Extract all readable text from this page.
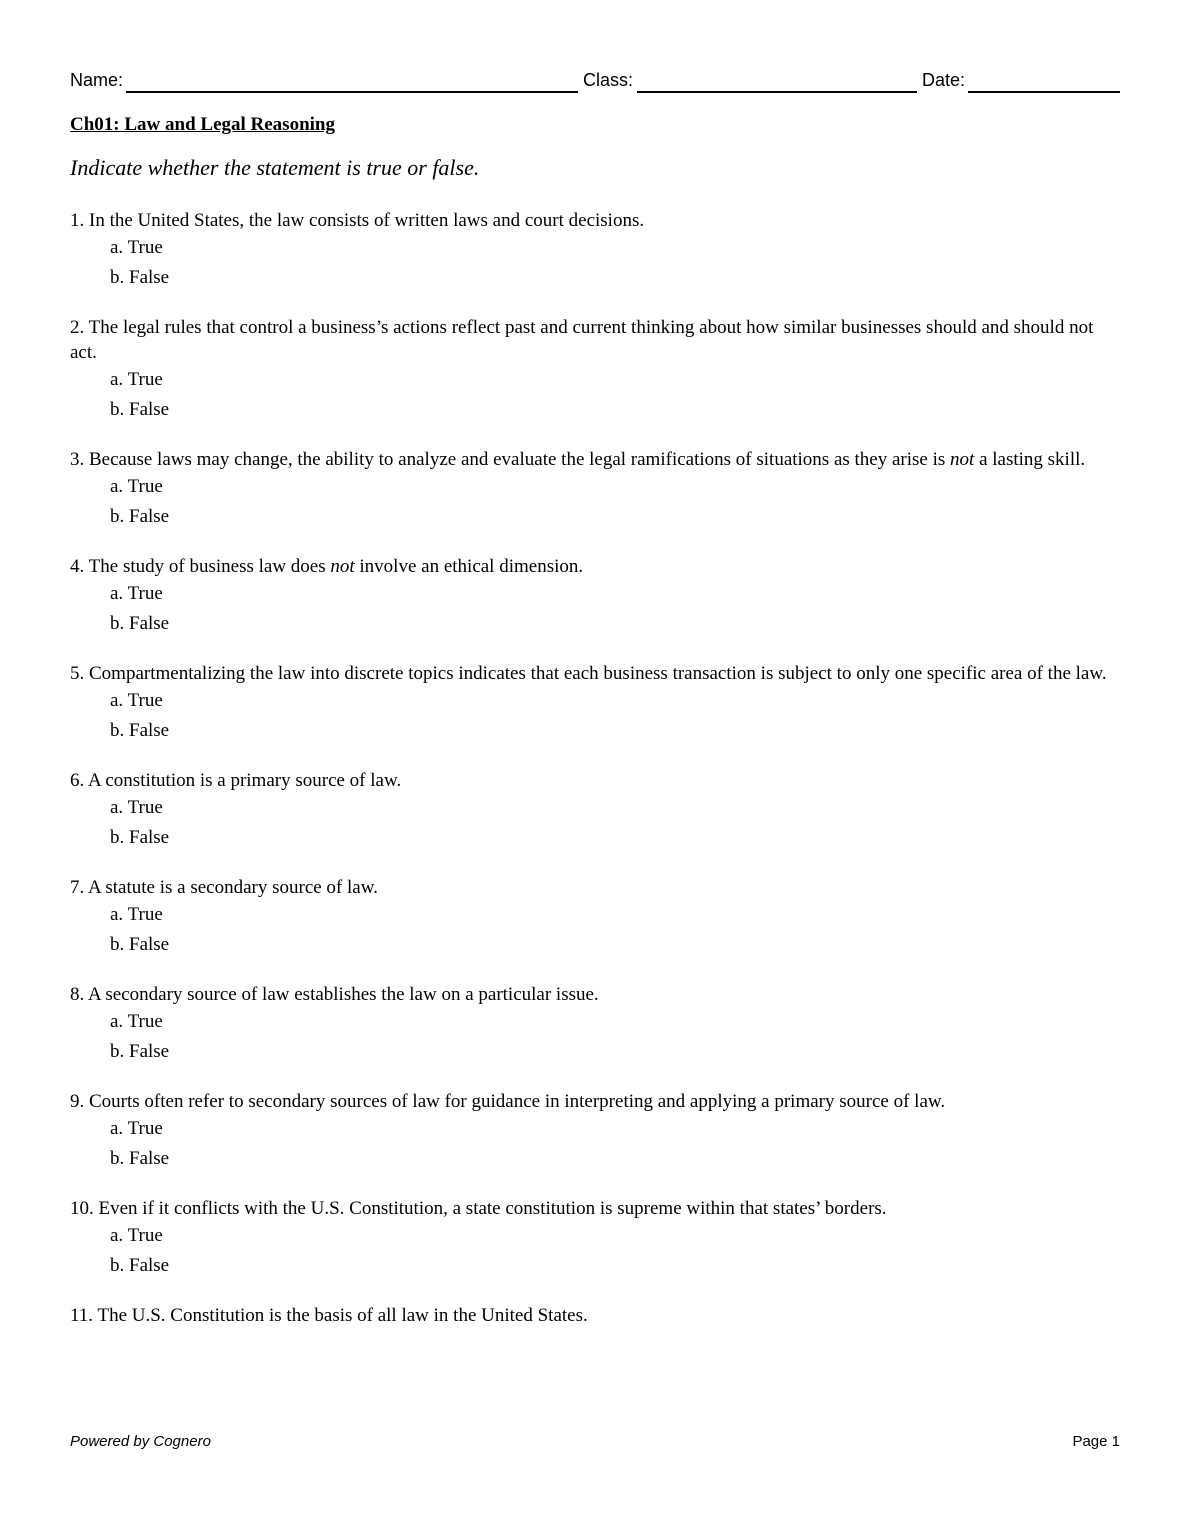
Name:	Class:	Date:
Ch01: Law and Legal Reasoning
Indicate whether the statement is true or false.

1. In the United States, the law consists of written laws and court decisions.

a. True
b. False

2. The legal rules that control a business’s actions reflect past and current thinking about how similar businesses should and should not act.

a. True
b. False

3. Because laws may change, the ability to analyze and evaluate the legal ramifications of situations as they arise is not a lasting skill.

a. True
b. False

4. The study of business law does not involve an ethical dimension.

a. True
b. False

5. Compartmentalizing the law into discrete topics indicates that each business transaction is subject to only one specific area of the law.

a. True
b. False

6. A constitution is a primary source of law.

a. True
b. False

7. A statute is a secondary source of law.

a. True
b. False

8. A secondary source of law establishes the law on a particular issue.

a. True
b. False

9. Courts often refer to secondary sources of law for guidance in interpreting and applying a primary source of law.

a. True
b. False

10. Even if it conflicts with the U.S. Constitution, a state constitution is supreme within that states’ borders.

a. True
b. False

11. The U.S. Constitution is the basis of all law in the United States.

Powered by Cognero	Page 1
